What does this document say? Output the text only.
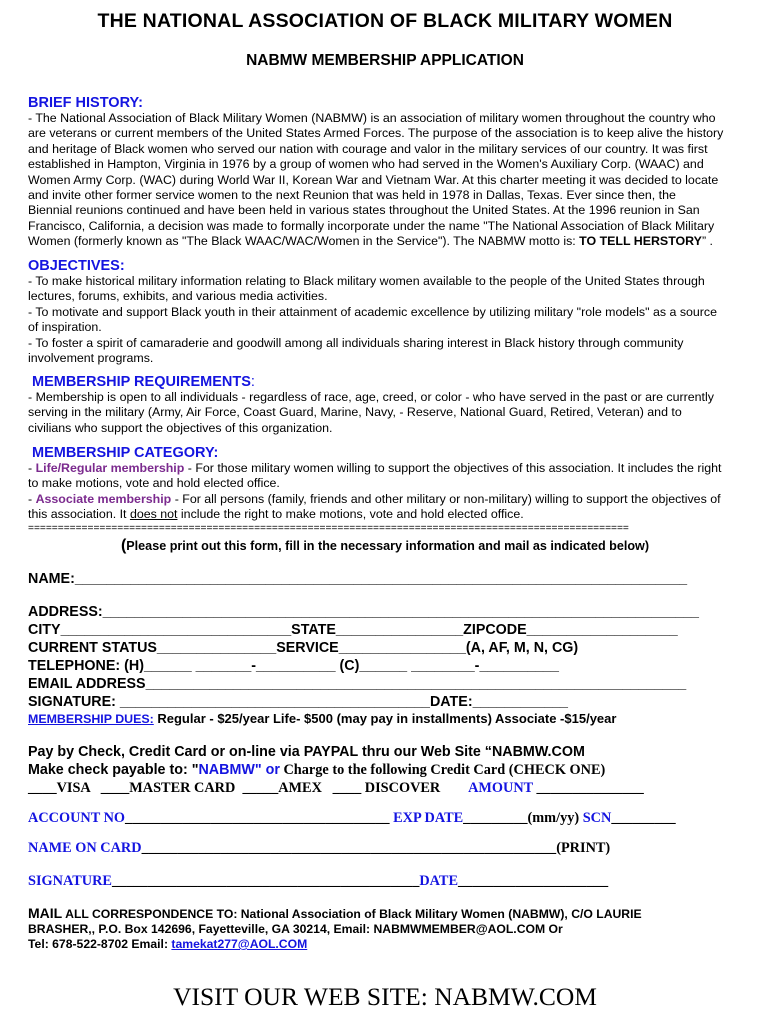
THE NATIONAL ASSOCIATION OF BLACK MILITARY WOMEN
NABMW MEMBERSHIP APPLICATION
BRIEF HISTORY:
- The National Association of Black Military Women (NABMW) is an association of military women throughout the country who
are veterans or current members of the United States Armed Forces. The purpose of the association is to keep alive the history
and heritage of Black women who served our nation with courage and valor in the military services of our country. It was first
established in Hampton, Virginia in 1976 by a group of women who had served in the Women's Auxiliary Corp. (WAAC) and
Women Army Corp. (WAC) during World War II, Korean War and Vietnam War. At this charter meeting it was decided to locate
and invite other former service women to the next Reunion that was held in 1978 in Dallas, Texas. Ever since then, the
Biennial reunions continued and have been held in various states throughout the United States. At the 1996 reunion in San
Francisco, California, a decision was made to formally incorporate under the name "The National Association of Black Military
Women (formerly known as "The Black WAAC/WAC/Women in the Service"). The NABMW motto is: TO TELL HERSTORY” .
OBJECTIVES:
- To make historical military information relating to Black military women available to the people of the United States through
lectures, forums, exhibits, and various media activities.
- To motivate and support Black youth in their attainment of academic excellence by utilizing military "role models" as a source
of inspiration.
- To foster a spirit of camaraderie and goodwill among all individuals sharing interest in Black history through community
involvement programs.
MEMBERSHIP REQUIREMENTS:
- Membership is open to all individuals - regardless of race, age, creed, or color - who have served in the past or are currently
serving in the military (Army, Air Force, Coast Guard, Marine, Navy, - Reserve, National Guard, Retired, Veteran) and to
civilians who support the objectives of this organization.
MEMBERSHIP CATEGORY:
- Life/Regular membership - For those military women willing to support the objectives of this association. It includes the right
to make motions, vote and hold elected office.
- Associate membership - For all persons (family, friends and other military or non-military) willing to support the objectives of
this association. It does not include the right to make motions, vote and hold elected office.
=====================================================================================================
(Please print out this form, fill in the necessary information and mail as indicated below)
NAME:_____________________________________________________________________________
ADDRESS:___________________________________________________________________________
CITY_____________________________STATE________________ZIPCODE___________________
CURRENT STATUS_______________SERVICE________________(A, AF, M, N, CG)
TELEPHONE: (H)______ _______-__________ (C)______ ________-__________
EMAIL ADDRESS____________________________________________________________________
SIGNATURE: _______________________________________DATE:____________
MEMBERSHIP DUES: Regular - $25/year Life- $500 (may pay in installments) Associate -$15/year
Pay by Check, Credit Card or on-line via PAYPAL thru our Web Site “NABMW.COM
Make check payable to: "NABMW" or Charge to the following Credit Card (CHECK ONE)
____VISA   ____MASTER CARD  _____AMEX   ____ DISCOVER AMOUNT _______________
ACCOUNT NO_____________________________________ EXP DATE_________(mm/yy) SCN_________
NAME ON CARD__________________________________________________________(PRINT)
SIGNATURE___________________________________________DATE_____________________
MAIL ALL CORRESPONDENCE TO: National Association of Black Military Women (NABMW), C/O LAURIE
BRASHER,, P.O. Box 142696, Fayetteville, GA 30214, Email: NABMWMEMBER@AOL.COM Or
Tel: 678-522-8702 Email: tamekat277@AOL.COM
VISIT OUR WEB SITE: NABMW.COM
